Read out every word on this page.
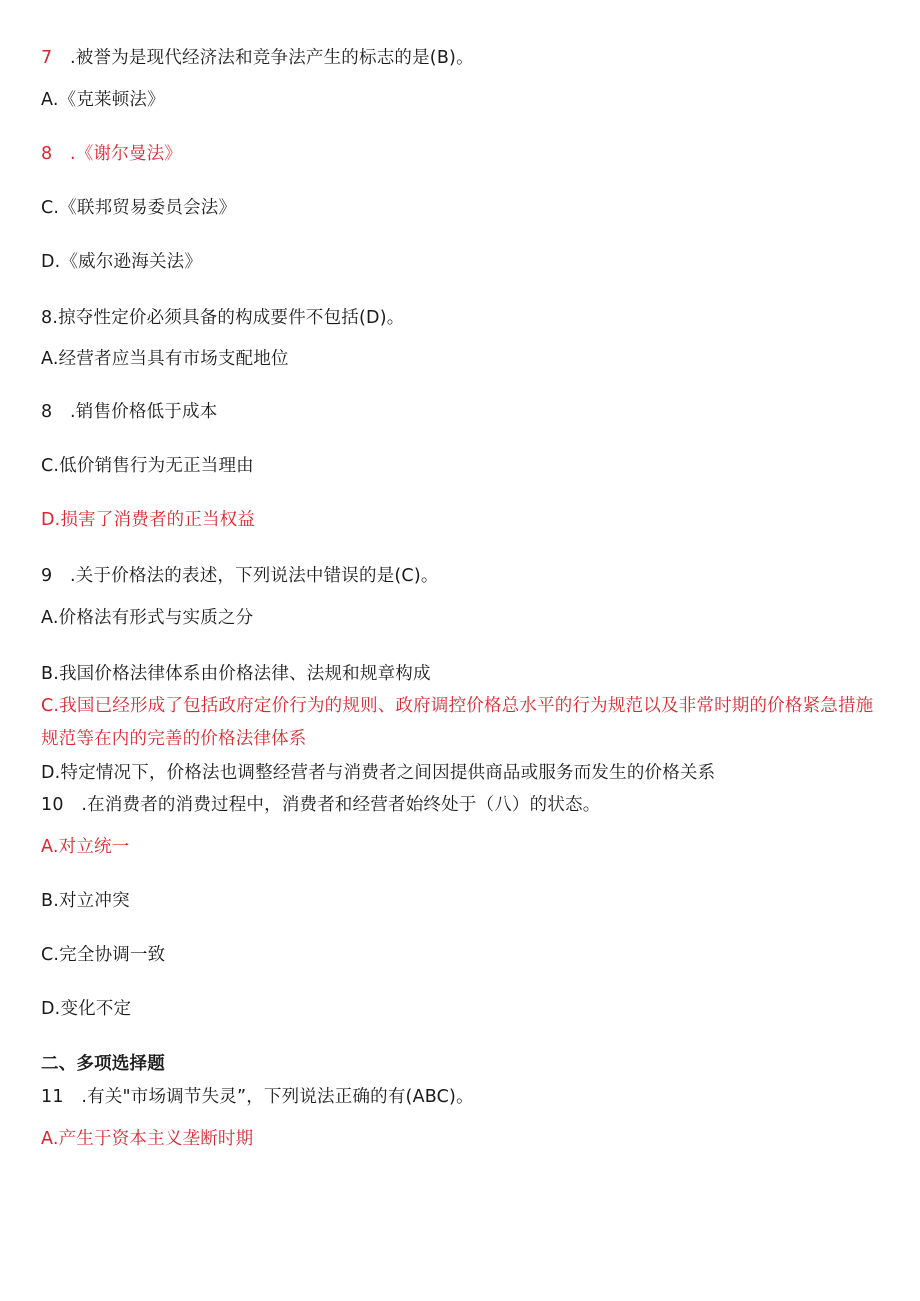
7　.被誉为是现代经济法和竞争法产生的标志的是(B)。
A.《克莱顿法》
8　.《谢尔曼法》
C.《联邦贸易委员会法》
D.《威尔逊海关法》
8.掠夺性定价必须具备的构成要件不包括(D)。
A.经营者应当具有市场支配地位
8　.销售价格低于成本
C.低价销售行为无正当理由
D.损害了消费者的正当权益
9　.关于价格法的表述，下列说法中错误的是(C)。
A.价格法有形式与实质之分
B.我国价格法律体系由价格法律、法规和规章构成
C.我国已经形成了包括政府定价行为的规则、政府调控价格总水平的行为规范以及非常时期的价格紧急措施规范等在内的完善的价格法律体系
D.特定情况下，价格法也调整经营者与消费者之间因提供商品或服务而发生的价格关系
10　.在消费者的消费过程中，消费者和经营者始终处于（八）的状态。
A.对立统一
B.对立冲突
C.完全协调一致
D.变化不定
二、多项选择题
11　.有关"市场调节失灵”，下列说法正确的有(ABC)。
A.产生于资本主义垄断时期
